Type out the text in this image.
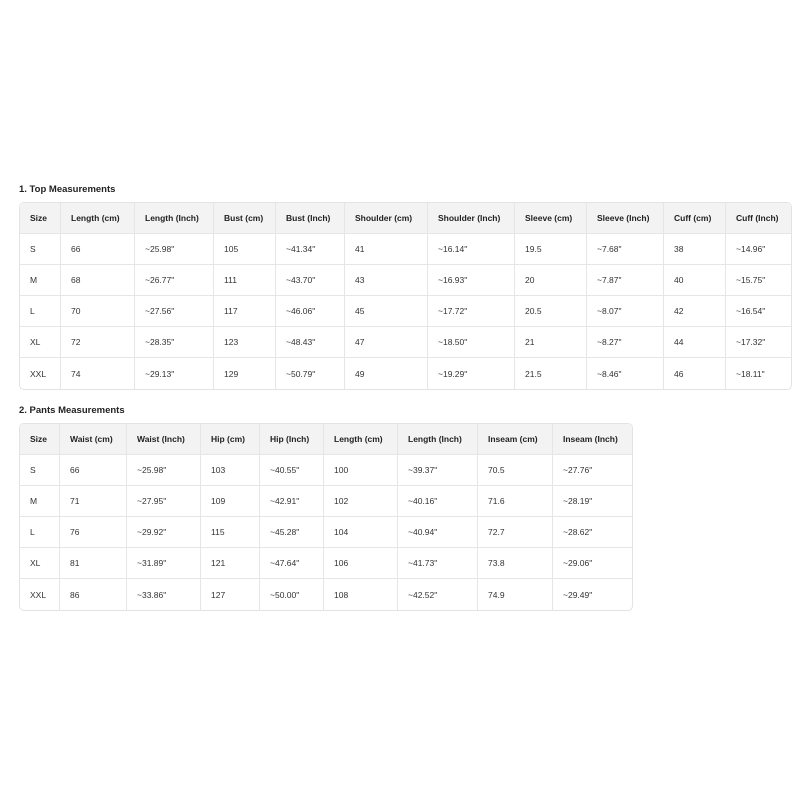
1. Top Measurements
Size	Length (cm)	Length (Inch)	Bust (cm)	Bust (Inch)	Shoulder (cm)	Shoulder (Inch)	Sleeve (cm)	Sleeve (Inch)	Cuff (cm)	Cuff (Inch)
S	66	~25.98"	105	~41.34"	41	~16.14"	19.5	~7.68"	38	~14.96"
M	68	~26.77"	111	~43.70"	43	~16.93"	20	~7.87"	40	~15.75"
L	70	~27.56"	117	~46.06"	45	~17.72"	20.5	~8.07"	42	~16.54"
XL	72	~28.35"	123	~48.43"	47	~18.50"	21	~8.27"	44	~17.32"
XXL	74	~29.13"	129	~50.79"	49	~19.29"	21.5	~8.46"	46	~18.11"
2. Pants Measurements
Size	Waist (cm)	Waist (Inch)	Hip (cm)	Hip (Inch)	Length (cm)	Length (Inch)	Inseam (cm)	Inseam (Inch)
S	66	~25.98"	103	~40.55"	100	~39.37"	70.5	~27.76"
M	71	~27.95"	109	~42.91"	102	~40.16"	71.6	~28.19"
L	76	~29.92"	115	~45.28"	104	~40.94"	72.7	~28.62"
XL	81	~31.89"	121	~47.64"	106	~41.73"	73.8	~29.06"
XXL	86	~33.86"	127	~50.00"	108	~42.52"	74.9	~29.49"
